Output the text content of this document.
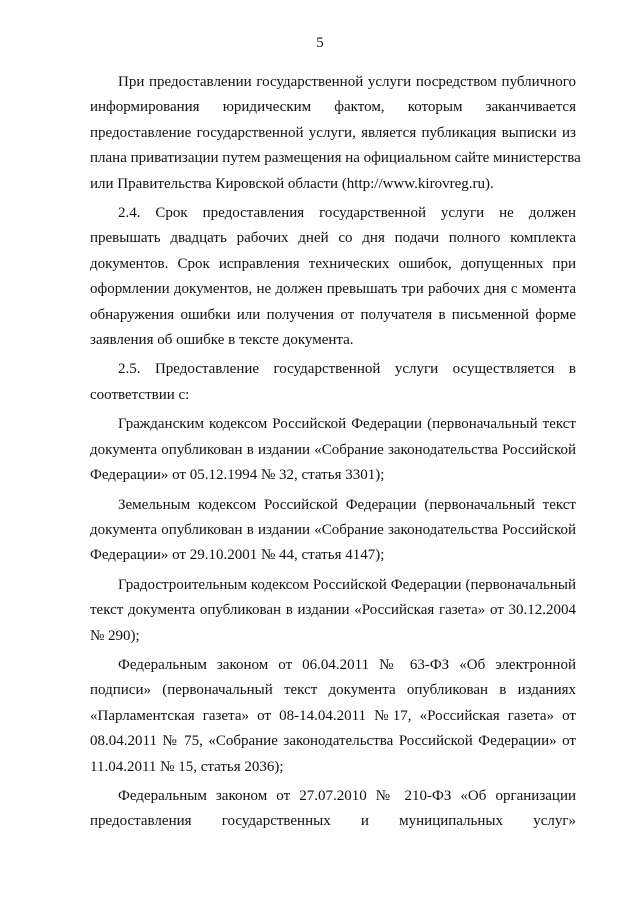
5
При предоставлении государственной услуги посредством публичного
информирования юридическим фактом, которым заканчивается
предоставление государственной услуги, является публикация выписки из
плана приватизации путем размещения на официальном сайте министерства
или Правительства Кировской области (http://www.kirovreg.ru).
2.4. Срок предоставления государственной услуги не должен
превышать двадцать рабочих дней со дня подачи полного комплекта
документов. Срок исправления технических ошибок, допущенных при
оформлении документов, не должен превышать три рабочих дня с момента
обнаружения ошибки или получения от получателя в письменной форме
заявления об ошибке в тексте документа.
2.5. Предоставление государственной услуги осуществляется в
соответствии с:
Гражданским кодексом Российской Федерации (первоначальный текст
документа опубликован в издании «Собрание законодательства Российской
Федерации» от 05.12.1994 № 32, статья 3301);
Земельным кодексом Российской Федерации (первоначальный текст
документа опубликован в издании «Собрание законодательства Российской
Федерации» от 29.10.2001 № 44, статья 4147);
Градостроительным кодексом Российской Федерации (первоначальный
текст документа опубликован в издании «Российская газета» от 30.12.2004
№ 290);
Федеральным законом от 06.04.2011 № 63-ФЗ «Об электронной
подписи» (первоначальный текст документа опубликован в изданиях
«Парламентская газета» от 08-14.04.2011 №17, «Российская газета» от
08.04.2011 № 75, «Собрание законодательства Российской Федерации» от
11.04.2011 № 15, статья 2036);
Федеральным законом от 27.07.2010 № 210-ФЗ «Об организации
предоставления государственных и муниципальных услуг»
